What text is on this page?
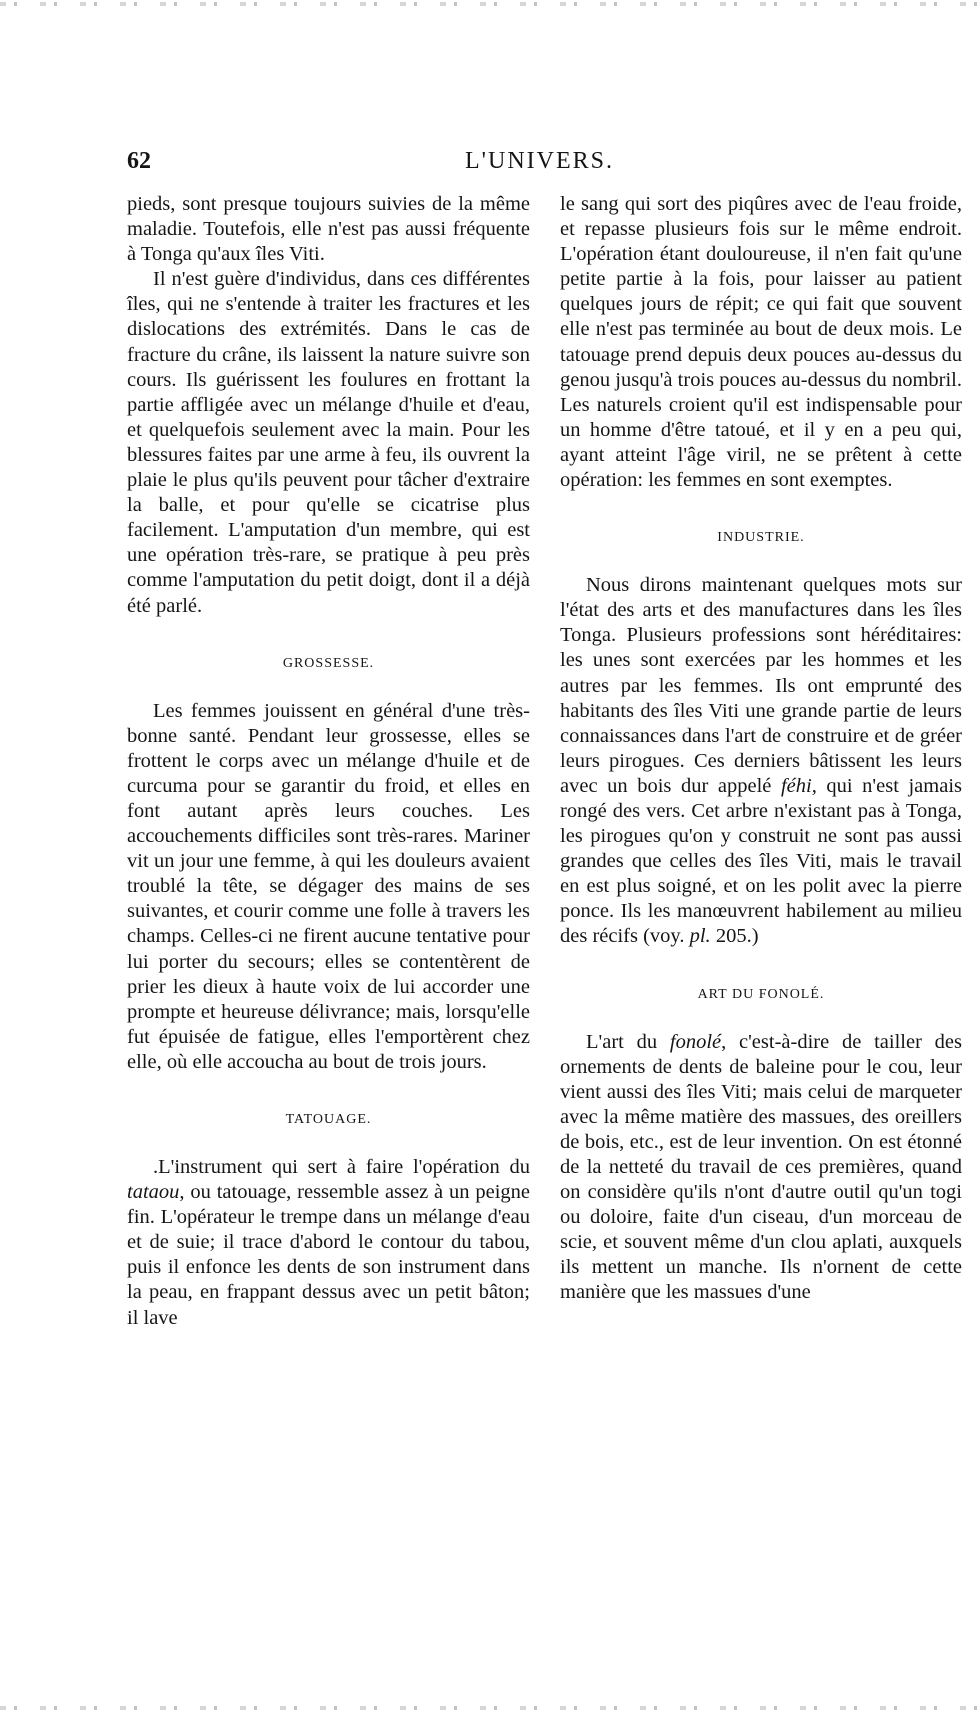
62	L'UNIVERS.

pieds, sont presque toujours suivies de la même maladie. Toutefois, elle n'est pas aussi fréquente à Tonga qu'aux îles Viti.

Il n'est guère d'individus, dans ces différentes îles, qui ne s'entende à traiter les fractures et les dislocations des extrémités. Dans le cas de fracture du crâne, ils laissent la nature suivre son cours. Ils guérissent les foulures en frottant la partie affligée avec un mélange d'huile et d'eau, et quelquefois seulement avec la main. Pour les blessures faites par une arme à feu, ils ouvrent la plaie le plus qu'ils peuvent pour tâcher d'extraire la balle, et pour qu'elle se cicatrise plus facilement. L'amputation d'un membre, qui est une opération très-rare, se pratique à peu près comme l'amputation du petit doigt, dont il a déjà été parlé.

GROSSESSE.

Les femmes jouissent en général d'une très-bonne santé. Pendant leur grossesse, elles se frottent le corps avec un mélange d'huile et de curcuma pour se garantir du froid, et elles en font autant après leurs couches. Les accouchements difficiles sont très-rares. Mariner vit un jour une femme, à qui les douleurs avaient troublé la tête, se dégager des mains de ses suivantes, et courir comme une folle à travers les champs. Celles-ci ne firent aucune tentative pour lui porter du secours; elles se contentèrent de prier les dieux à haute voix de lui accorder une prompte et heureuse délivrance; mais, lorsqu'elle fut épuisée de fatigue, elles l'emportèrent chez elle, où elle accoucha au bout de trois jours.

TATOUAGE.

.L'instrument qui sert à faire l'opération du tataou, ou tatouage, ressemble assez à un peigne fin. L'opérateur le trempe dans un mélange d'eau et de suie; il trace d'abord le contour du tabou, puis il enfonce les dents de son instrument dans la peau, en frappant dessus avec un petit bâton; il lave

le sang qui sort des piqûres avec de l'eau froide, et repasse plusieurs fois sur le même endroit. L'opération étant douloureuse, il n'en fait qu'une petite partie à la fois, pour laisser au patient quelques jours de répit; ce qui fait que souvent elle n'est pas terminée au bout de deux mois. Le tatouage prend depuis deux pouces au-dessus du genou jusqu'à trois pouces au-dessus du nombril. Les naturels croient qu'il est indispensable pour un homme d'être tatoué, et il y en a peu qui, ayant atteint l'âge viril, ne se prêtent à cette opération: les femmes en sont exemptes.

INDUSTRIE.

Nous dirons maintenant quelques mots sur l'état des arts et des manufactures dans les îles Tonga. Plusieurs professions sont héréditaires: les unes sont exercées par les hommes et les autres par les femmes. Ils ont emprunté des habitants des îles Viti une grande partie de leurs connaissances dans l'art de construire et de gréer leurs pirogues. Ces derniers bâtissent les leurs avec un bois dur appelé féhi, qui n'est jamais rongé des vers. Cet arbre n'existant pas à Tonga, les pirogues qu'on y construit ne sont pas aussi grandes que celles des îles Viti, mais le travail en est plus soigné, et on les polit avec la pierre ponce. Ils les manœuvrent habilement au milieu des récifs (voy. pl. 205.)

ART DU FONOLÉ.

L'art du fonolé, c'est-à-dire de tailler des ornements de dents de baleine pour le cou, leur vient aussi des îles Viti; mais celui de marqueter avec la même matière des massues, des oreillers de bois, etc., est de leur invention. On est étonné de la netteté du travail de ces premières, quand on considère qu'ils n'ont d'autre outil qu'un togi ou doloire, faite d'un ciseau, d'un morceau de scie, et souvent même d'un clou aplati, auxquels ils mettent un manche. Ils n'ornent de cette manière que les massues d'une
